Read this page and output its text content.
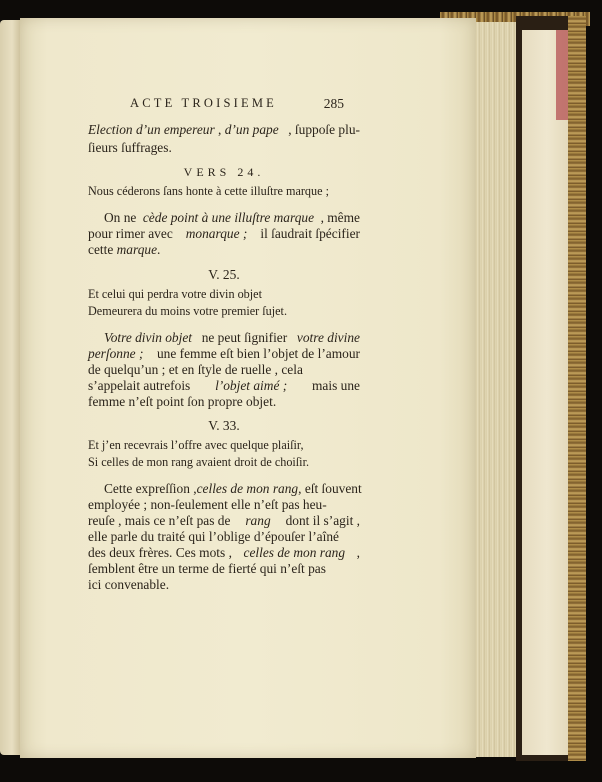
ACTE TROISIEME	285
Election d’un empereur , d’un pape , ſuppoſe plu-
ſieurs ſuffrages.
VERS 24.
Nous céderons ſans honte à cette illuſtre marque ;
On ne cède point à une illuſtre marque , même
pour rimer avec monarque ; il ſaudrait ſpécifier
cette marque.
V. 25.
Et celui qui perdra votre divin objet
Demeurera du moins votre premier ſujet.
Votre divin objet ne peut ſignifier votre divine
perſonne ; une femme eſt bien l’objet de l’amour
de quelqu’un ; et en ſtyle de ruelle , cela
s’appelait autrefois l’objet aimé ; mais une
femme n’eſt point ſon propre objet.
V. 33.
Et j’en recevrais l’offre avec quelque plaiſir,
Si celles de mon rang avaient droit de choiſir.
Cette expreſſion , celles de mon rang , eſt ſouvent
employée ; non-ſeulement elle n’eſt pas heu-
reuſe , mais ce n’eſt pas de rang dont il s’agit ,
elle parle du traité qui l’oblige d’épouſer l’aîné
des deux frères. Ces mots , celles de mon rang ,
ſemblent être un terme de fierté qui n’eſt pas
ici convenable.
